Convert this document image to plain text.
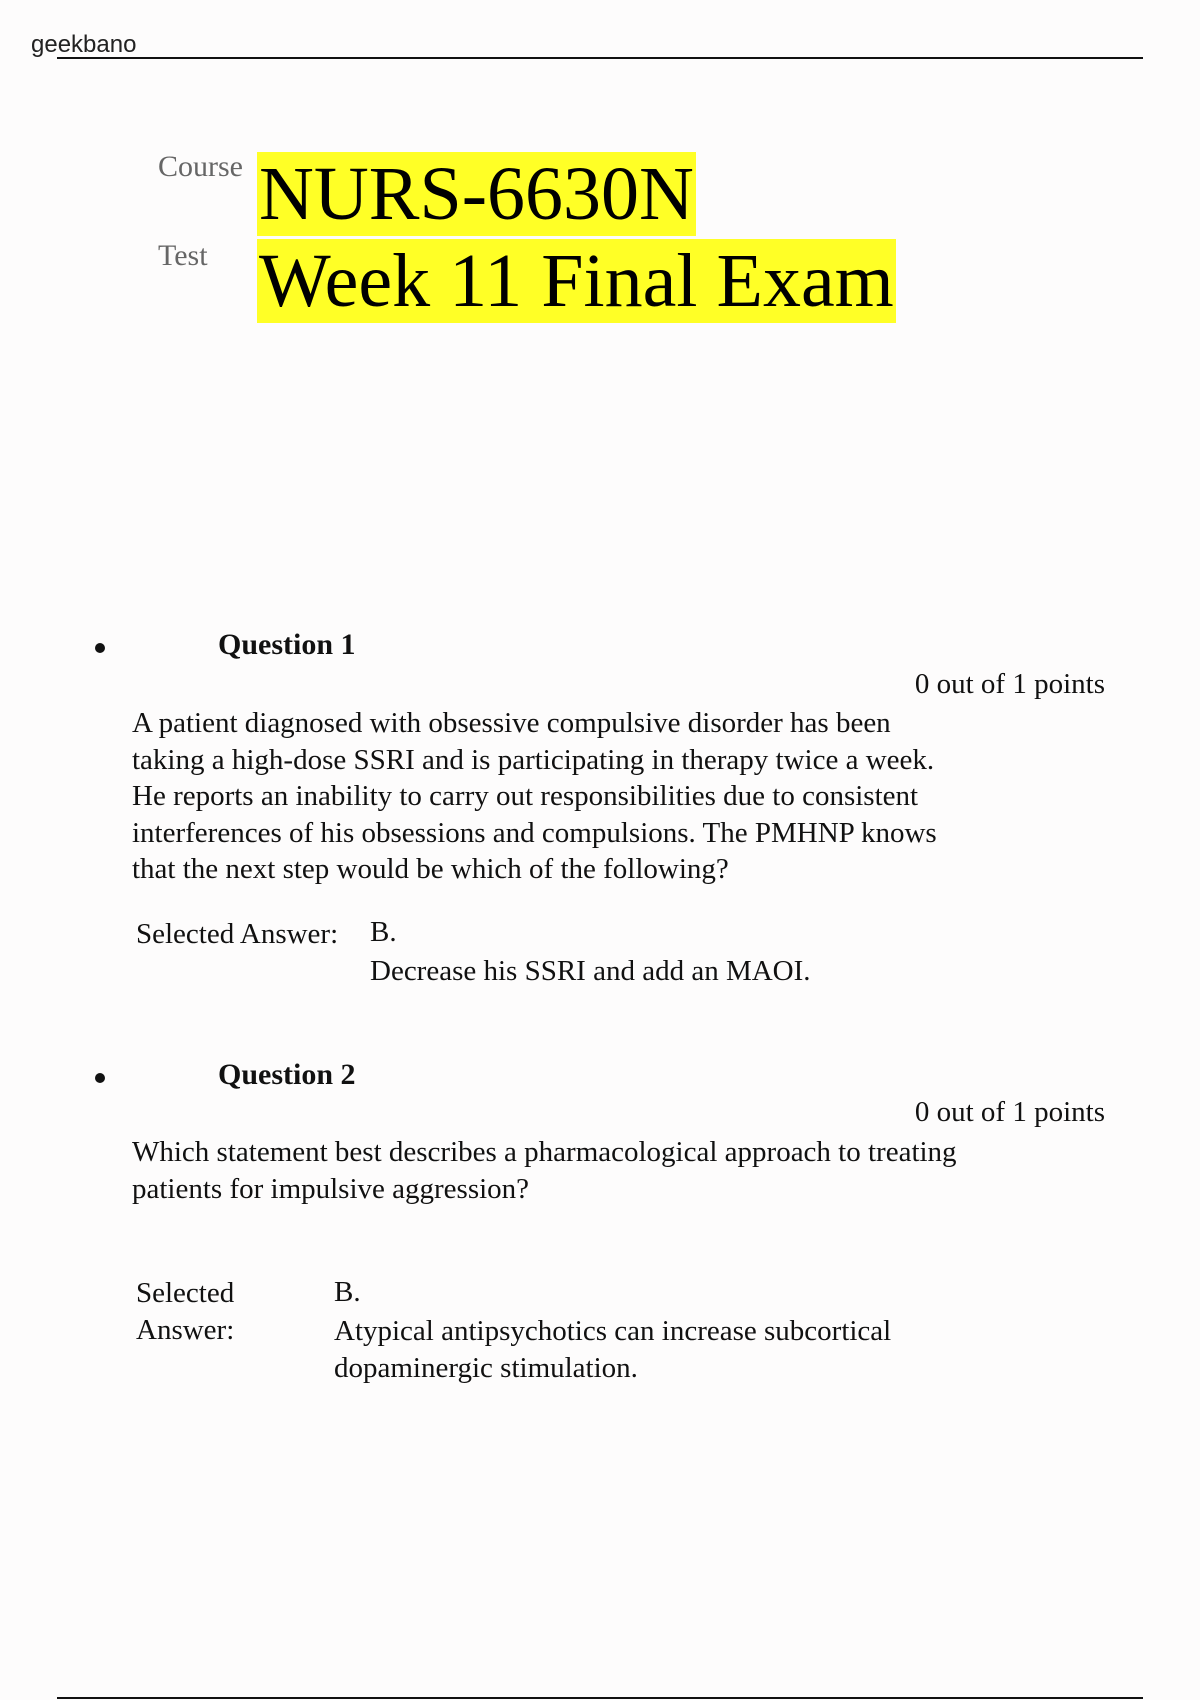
geekbano
Course NURS-6630N
Test Week 11 Final Exam
Question 1
0 out of 1 points
A patient diagnosed with obsessive compulsive disorder has been
taking a high-dose SSRI and is participating in therapy twice a week.
He reports an inability to carry out responsibilities due to consistent
interferences of his obsessions and compulsions. The PMHNP knows
that the next step would be which of the following?
Selected Answer: B.
Decrease his SSRI and add an MAOI.
Question 2
0 out of 1 points
Which statement best describes a pharmacological approach to treating
patients for impulsive aggression?
Selected
Answer:
B.
Atypical antipsychotics can increase subcortical
dopaminergic stimulation.
